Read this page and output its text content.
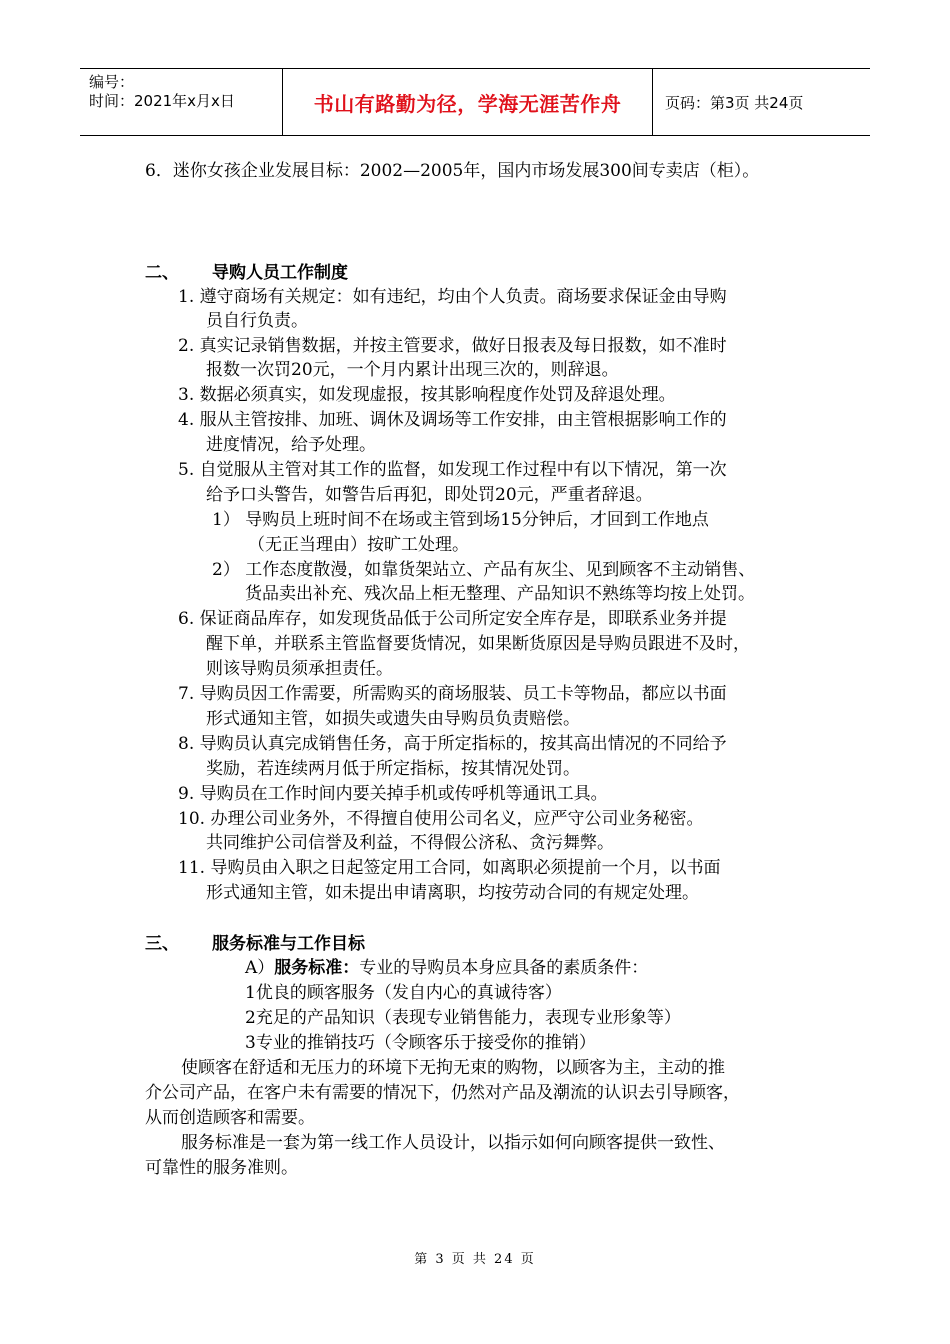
编号：
时间：2021年x月x日	书山有路勤为径，学海无涯苦作舟	页码：第3页 共24页
6．迷你女孩企业发展目标：2002—2005年，国内市场发展300间专卖店（柜）。
二、 导购人员工作制度
1. 遵守商场有关规定：如有违纪，均由个人负责。商场要求保证金由导购
员自行负责。
2. 真实记录销售数据，并按主管要求，做好日报表及每日报数，如不准时
报数一次罚20元，一个月内累计出现三次的，则辞退。
3. 数据必须真实，如发现虚报，按其影响程度作处罚及辞退处理。
4. 服从主管按排、加班、调休及调场等工作安排，由主管根据影响工作的
进度情况，给予处理。
5. 自觉服从主管对其工作的监督，如发现工作过程中有以下情况，第一次
给予口头警告，如警告后再犯，即处罚20元，严重者辞退。
1） 导购员上班时间不在场或主管到场15分钟后，才回到工作地点
（无正当理由）按旷工处理。
2） 工作态度散漫，如靠货架站立、产品有灰尘、见到顾客不主动销售、
货品卖出补充、残次品上柜无整理、产品知识不熟练等均按上处罚。
6. 保证商品库存，如发现货品低于公司所定安全库存是，即联系业务并提
醒下单，并联系主管监督要货情况，如果断货原因是导购员跟进不及时，
则该导购员须承担责任。
7. 导购员因工作需要，所需购买的商场服装、员工卡等物品，都应以书面
形式通知主管，如损失或遗失由导购员负责赔偿。
8. 导购员认真完成销售任务，高于所定指标的，按其高出情况的不同给予
奖励，若连续两月低于所定指标，按其情况处罚。
9. 导购员在工作时间内要关掉手机或传呼机等通讯工具。
10. 办理公司业务外，不得擅自使用公司名义，应严守公司业务秘密。
共同维护公司信誉及利益，不得假公济私、贪污舞弊。
11. 导购员由入职之日起签定用工合同，如离职必须提前一个月，以书面
形式通知主管，如未提出申请离职，均按劳动合同的有规定处理。
三、 服务标准与工作目标
A）服务标准：专业的导购员本身应具备的素质条件：
1优良的顾客服务（发自内心的真诚待客）
2充足的产品知识（表现专业销售能力，表现专业形象等）
3专业的推销技巧（令顾客乐于接受你的推销）
使顾客在舒适和无压力的环境下无拘无束的购物，以顾客为主，主动的推
介公司产品，在客户未有需要的情况下，仍然对产品及潮流的认识去引导顾客，
从而创造顾客和需要。
服务标准是一套为第一线工作人员设计，以指示如何向顾客提供一致性、
可靠性的服务准则。
第 3 页 共 24 页
